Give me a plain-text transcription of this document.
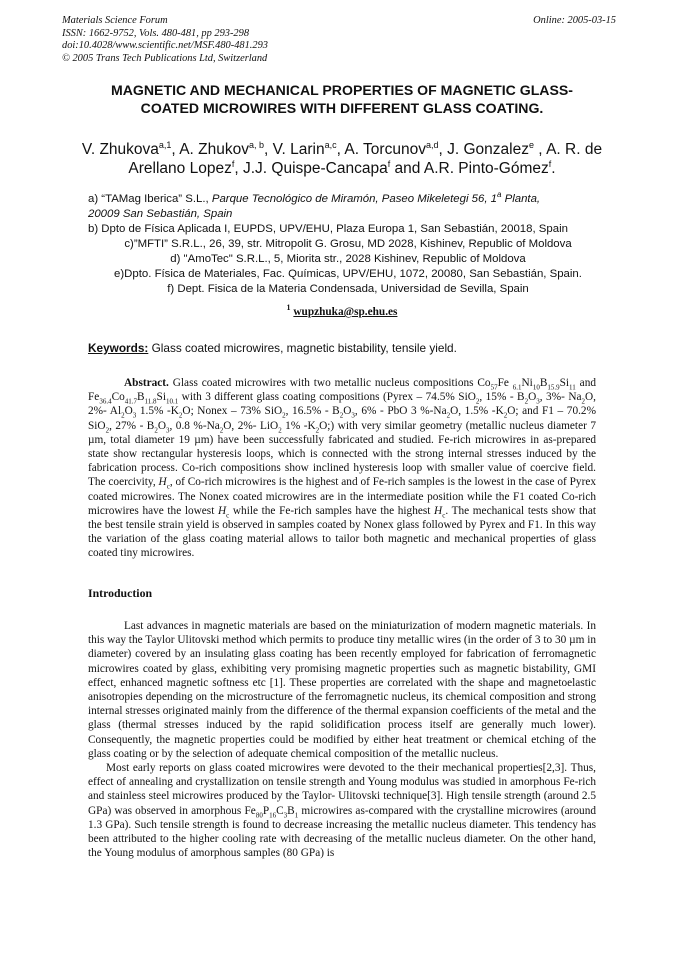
Materials Science Forum
ISSN: 1662-9752, Vols. 480-481, pp 293-298
doi:10.4028/www.scientific.net/MSF.480-481.293
© 2005 Trans Tech Publications Ltd, Switzerland
Online: 2005-03-15
MAGNETIC AND MECHANICAL PROPERTIES OF MAGNETIC GLASS-
COATED MICROWIRES WITH DIFFERENT GLASS COATING.
V. Zhukova$^{a,1}$, A. Zhukov$^{a, b}$, V. Larin$^{a,c}$, A. Torcunov$^{a,d}$, J. Gonzalez$^e$ , A. R. de Arellano Lopez$^f$, J.J. Quispe-Cancapa$^f$ and A.R. Pinto-Gómez$^f$.
a) “TAMag Iberica” S.L., Parque Tecnológico de Miramón, Paseo Mikeletegi 56, 1$^a$ Planta,
20009 San Sebastián, Spain
b) Dpto de Física Aplicada I, EUPDS, UPV/EHU, Plaza Europa 1, San Sebastián, 20018, Spain
c)”MFTI” S.R.L., 26, 39, str. Mitropolit G. Grosu, MD 2028, Kishinev, Republic of Moldova
d) "AmoTec" S.R.L., 5, Miorita str., 2028 Kishinev, Republic of Moldova
e)Dpto. Física de Materiales, Fac. Químicas, UPV/EHU, 1072, 20080, San Sebastián, Spain.
f) Dept. Fisica de la Materia Condensada, Universidad de Sevilla, Spain
$^1$ wupzhuka@sp.ehu.es
Keywords: Glass coated microwires, magnetic bistability, tensile yield.
Abstract. Glass coated microwires with two metallic nucleus compositions $Co_{57}Fe$ $_{6.1}Ni_{10}B_{15.9}Si_{11}$ and $Fe_{36.4}Co_{41.7}B_{11.8}Si_{10.1}$ with 3 different glass coating compositions (Pyrex – 74.5% SiO$_2$, $15\% - B_2O_3$, 3%- $Na_2O$, 2%- $Al_2O_3$ 1.5% $-K_2O$; Nonex – 73% SiO$_2$, $16.5\% - B_2O_3$, 6% - PbO 3 $\%-Na_2O$, 1.5% $-K_2O$; and F1 – 70.2% SiO$_2$, $27\% - B_2O_3$, 0.8 $\%-Na_2O$, 2%- LiO$_2$ 1% $-K_2O$;) with very similar geometry (metallic nucleus diameter 7 µm, total diameter 19 µm) have been successfully fabricated and studied. Fe-rich microwires in as-prepared state show rectangular hysteresis loops, which is connected with the strong internal stresses induced by the fabrication process. Co-rich compositions show inclined hysteresis loop with smaller value of coercive field. The coercivity, $H_c$, of Co-rich microwires is the highest and of Fe-rich samples is the lowest in the case of Pyrex coated microwires. The Nonex coated microwires are in the intermediate position while the F1 coated Co-rich microwires have the lowest $H_c$ while the Fe-rich samples have the highest $H_c$. The mechanical tests show that the best tensile strain yield is observed in samples coated by Nonex glass followed by Pyrex and F1. In this way the variation of the glass coating material allows to tailor both magnetic and mechanical properties of glass coated tiny microwires.
Introduction

Last advances in magnetic materials are based on the miniaturization of modern magnetic materials. In this way the Taylor Ulitovski method which permits to produce tiny metallic wires (in the order of 3 to 30 µm in diameter) covered by an insulating glass coating has been recently employed for fabrication of ferromagnetic microwires coated by glass, exhibiting very promising magnetic properties such as magnetic bistability, GMI effect, enhanced magnetic softness etc [1]. These properties are correlated with the shape and magnetoelastic anisotropies depending on the microstructure of the ferromagnetic nucleus, its chemical composition and strong internal stresses originated mainly from the difference of the thermal expansion coefficients of the metal and the glass (thermal stresses induced by the rapid solidification process itself are generally much lower). Consequently, the magnetic properties could be modified by either heat treatment or chemical etching of the glass coating or by the selection of adequate chemical composition of the metallic nucleus.

Most early reports on glass coated microwires were devoted to the their mechanical properties[2,3]. Thus, effect of annealing and crystallization on tensile strength and Young modulus was studied in amorphous Fe-rich and stainless steel microwires produced by the Taylor- Ulitovski technique[3]. High tensile strength (around 2.5 GPa) was observed in amorphous $Fe_{80}P_{16}C_3B_1$ microwires as-compared with the crystalline microwires (around 1.3 GPa). Such tensile strength is found to decrease increasing the metallic nucleus diameter. This tendency has been attributed to the higher cooling rate with decreasing of the metallic nucleus diameter. On the other hand, the Young modulus of amorphous samples (80 GPa) is
